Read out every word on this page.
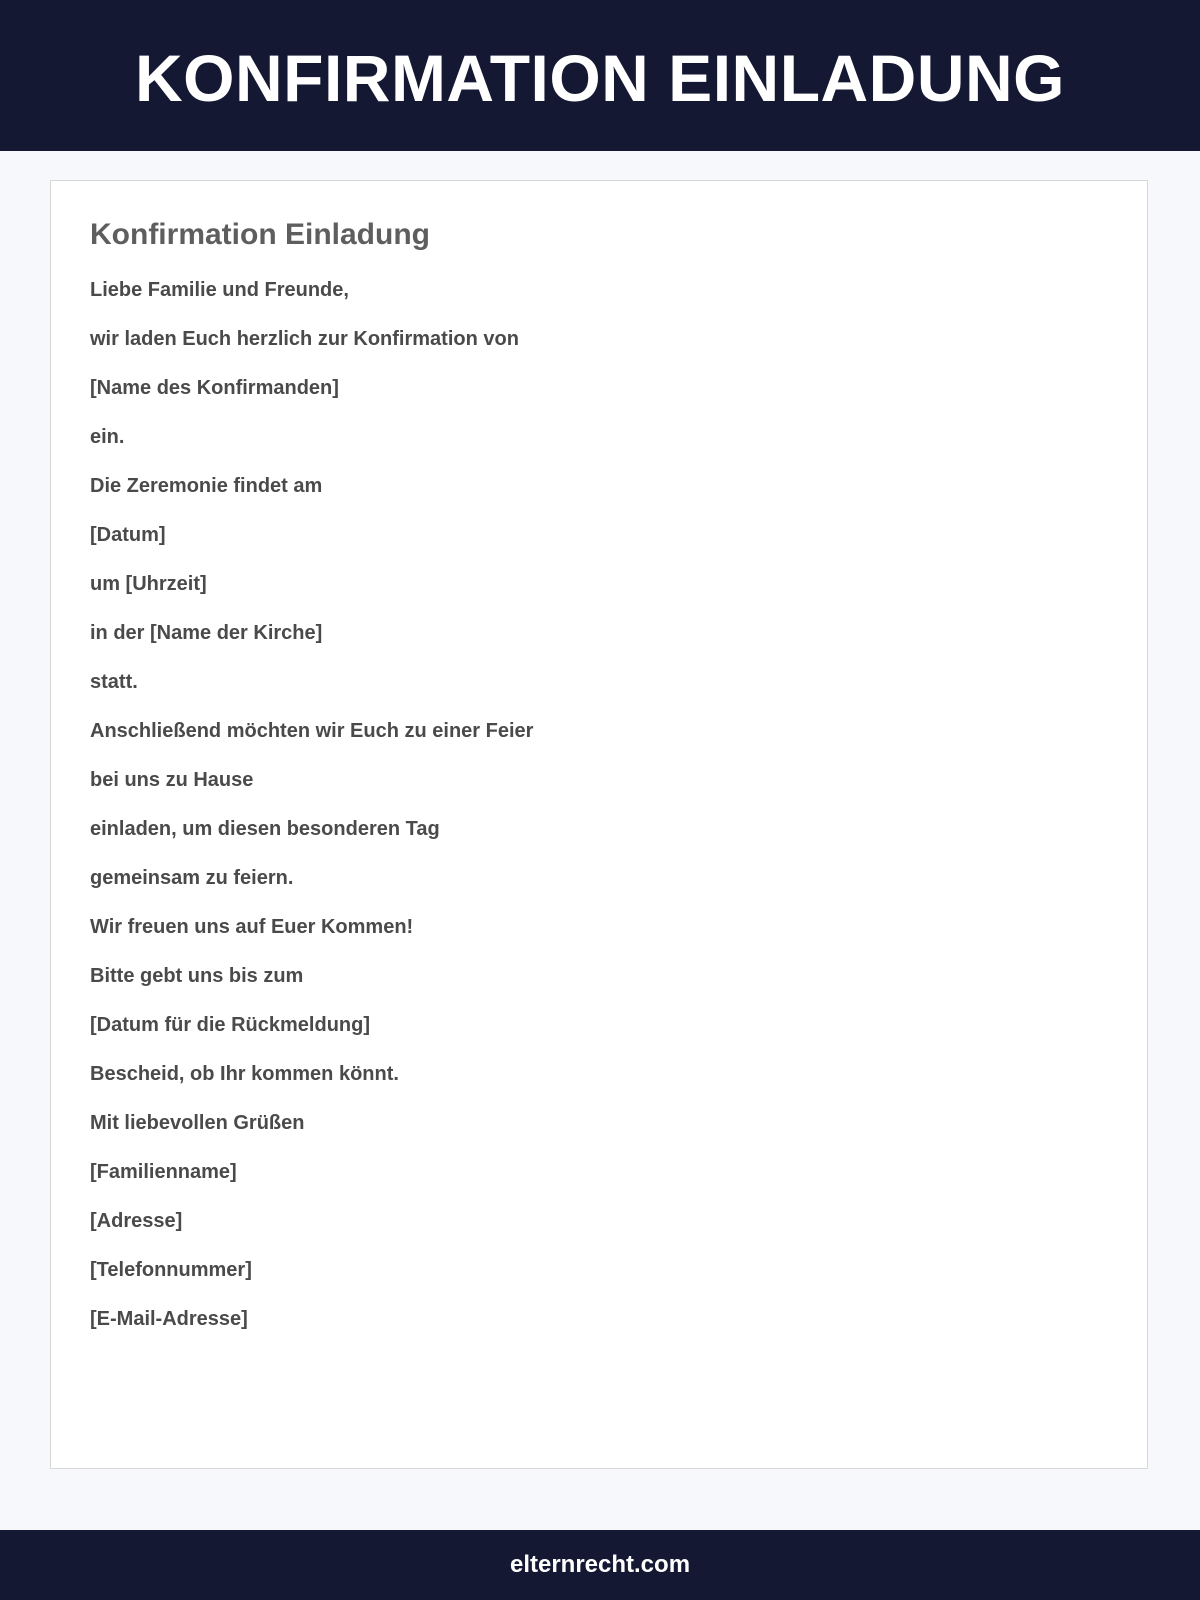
KONFIRMATION EINLADUNG
Konfirmation Einladung
Liebe Familie und Freunde,
wir laden Euch herzlich zur Konfirmation von
[Name des Konfirmanden]
ein.
Die Zeremonie findet am
[Datum]
um [Uhrzeit]
in der [Name der Kirche]
statt.
Anschließend möchten wir Euch zu einer Feier
bei uns zu Hause
einladen, um diesen besonderen Tag
gemeinsam zu feiern.
Wir freuen uns auf Euer Kommen!
Bitte gebt uns bis zum
[Datum für die Rückmeldung]
Bescheid, ob Ihr kommen könnt.
Mit liebevollen Grüßen
[Familienname]
[Adresse]
[Telefonnummer]
[E-Mail-Adresse]
elternrecht.com
